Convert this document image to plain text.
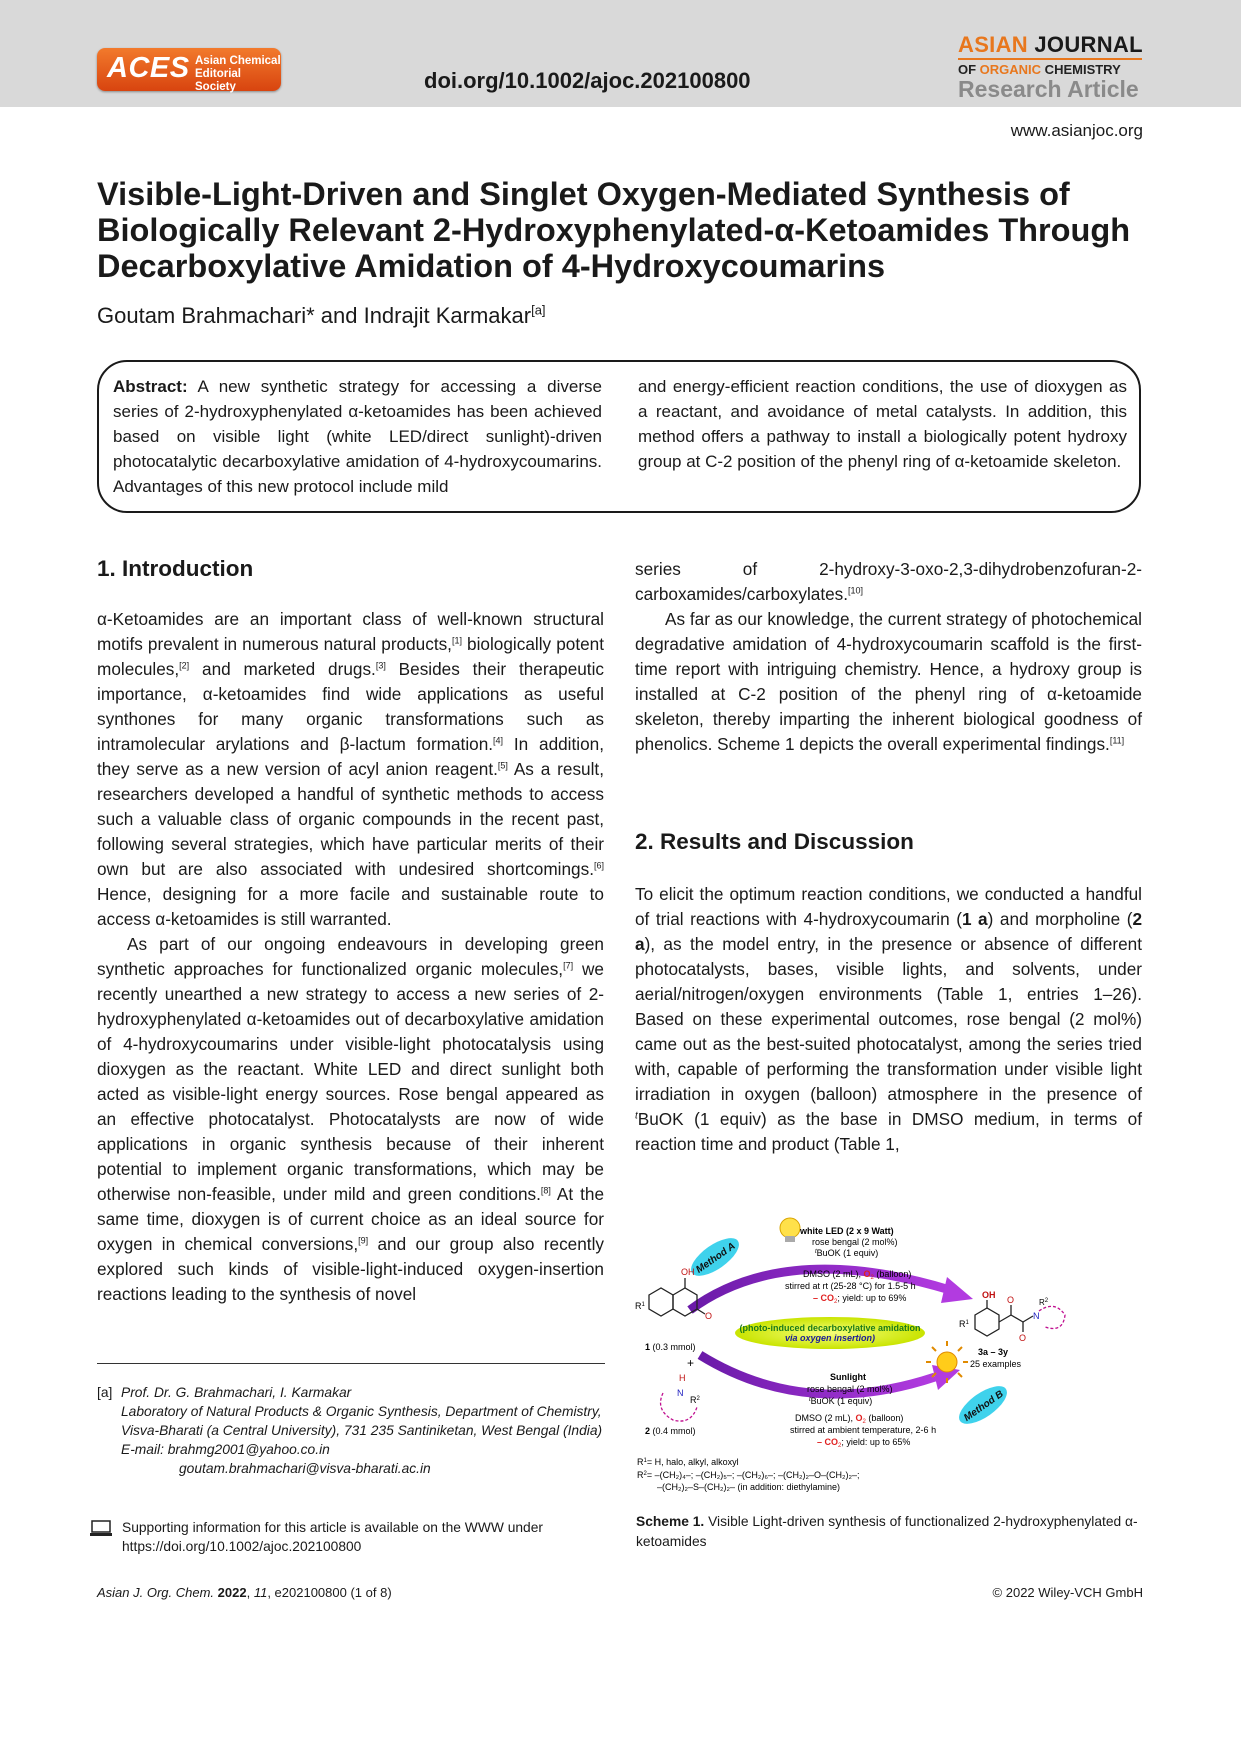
ACES Asian Chemical
Editorial Society	doi.org/10.1002/ajoc.202100800
ASIAN JOURNAL
OF ORGANIC CHEMISTRY
Research Article
www.asianjoc.org
Visible-Light-Driven and Singlet Oxygen-Mediated Synthesis of
Biologically Relevant 2-Hydroxyphenylated-α-Ketoamides Through
Decarboxylative Amidation of 4-Hydroxycoumarins
Goutam Brahmachari* and Indrajit Karmakar[a]
Abstract: A new synthetic strategy for accessing a diverse series of 2-hydroxyphenylated α-ketoamides has been achieved based on visible light (white LED/direct sunlight)-driven photocatalytic decarboxylative amidation of 4-hydroxycoumarins. Advantages of this new protocol include mild
and energy-efficient reaction conditions, the use of dioxygen as a reactant, and avoidance of metal catalysts. In addition, this method offers a pathway to install a biologically potent hydroxy group at C-2 position of the phenyl ring of α-ketoamide skeleton.
1. Introduction

α-Ketoamides are an important class of well-known structural motifs prevalent in numerous natural products,[1] biologically potent molecules,[2] and marketed drugs.[3] Besides their therapeutic importance, α-ketoamides find wide applications as useful synthones for many organic transformations such as intramolecular arylations and β-lactum formation.[4] In addition, they serve as a new version of acyl anion reagent.[5] As a result, researchers developed a handful of synthetic methods to access such a valuable class of organic compounds in the recent past, following several strategies, which have particular merits of their own but are also associated with undesired shortcomings.[6] Hence, designing for a more facile and sustainable route to access α-ketoamides is still warranted.

As part of our ongoing endeavours in developing green synthetic approaches for functionalized organic molecules,[7] we recently unearthed a new strategy to access a new series of 2-hydroxyphenylated α-ketoamides out of decarboxylative amidation of 4-hydroxycoumarins under visible-light photocatalysis using dioxygen as the reactant. White LED and direct sunlight both acted as visible-light energy sources. Rose bengal appeared as an effective photocatalyst. Photocatalysts are now of wide applications in organic synthesis because of their inherent potential to implement organic transformations, which may be otherwise non-feasible, under mild and green conditions.[8] At the same time, dioxygen is of current choice as an ideal source for oxygen in chemical conversions,[9] and our group also recently explored such kinds of visible-light-induced oxygen-insertion reactions leading to the synthesis of novel

series of 2-hydroxy-3-oxo-2,3-dihydrobenzofuran-2-carboxamides/carboxylates.[10]

As far as our knowledge, the current strategy of photochemical degradative amidation of 4-hydroxycoumarin scaffold is the first-time report with intriguing chemistry. Hence, a hydroxy group is installed at C-2 position of the phenyl ring of α-ketoamide skeleton, thereby imparting the inherent biological goodness of phenolics. Scheme 1 depicts the overall experimental findings.[11]

2. Results and Discussion

To elicit the optimum reaction conditions, we conducted a handful of trial reactions with 4-hydroxycoumarin (1 a) and morpholine (2 a), as the model entry, in the presence or absence of different photocatalysts, bases, visible lights, and solvents, under aerial/nitrogen/oxygen environments (Table 1, entries 1–26). Based on these experimental outcomes, rose bengal (2 mol%) came out as the best-suited photocatalyst, among the series tried with, capable of performing the transformation under visible light irradiation in oxygen (balloon) atmosphere in the presence of $^t$BuOK (1 equiv) as the base in DMSO medium, in terms of reaction time and product (Table 1,

(photo-induced decarboxylative amidation
via oxygen insertion)
Method A
Method B
white LED (2 x 9 Watt)
rose bengal (2 mol%)
$^t$BuOK (1 equiv)
DMSO (2 mL), $O_2$ (balloon)
stirred at rt (25-28 °C) for 1.5-5 h
– $CO_2$; yield: up to 69%
Sunlight
rose bengal (2 mol%)
$^t$BuOK (1 equiv)
DMSO (2 mL), $O_2$ (balloon)
stirred at ambient temperature, 2-6 h
– $CO_2$; yield: up to 65%
OH
O
$R^1$
1 (0.3 mmol)
+
H
N
$R^2$
2 (0.4 mmol)
OH O
O
N
$R^2$
$R^1$
3a – 3y
25 examples
$R^1= H$, halo, alkyl, alkoxyl
$R^2= -(CH_2)_4-$; –(CH₂)₅–; –(CH₂)₆–; –(CH₂)₂–O–(CH₂)₂–;
–(CH₂)₂–S–(CH₂)₂– (in addition: diethylamine)
Scheme 1. Visible Light-driven synthesis of functionalized 2-hydroxyphenylated α-ketoamides
[a] Prof. Dr. G. Brahmachari, I. Karmakar
Laboratory of Natural Products & Organic Synthesis, Department of Chemistry,
Visva-Bharati (a Central University), 731 235 Santiniketan, West Bengal (India)
E-mail: brahmg2001@yahoo.co.in
goutam.brahmachari@visva-bharati.ac.in
Supporting information for this article is available on the WWW under https://doi.org/10.1002/ajoc.202100800
Asian J. Org. Chem. 2022, 11, e202100800 (1 of 8)	© 2022 Wiley-VCH GmbH
